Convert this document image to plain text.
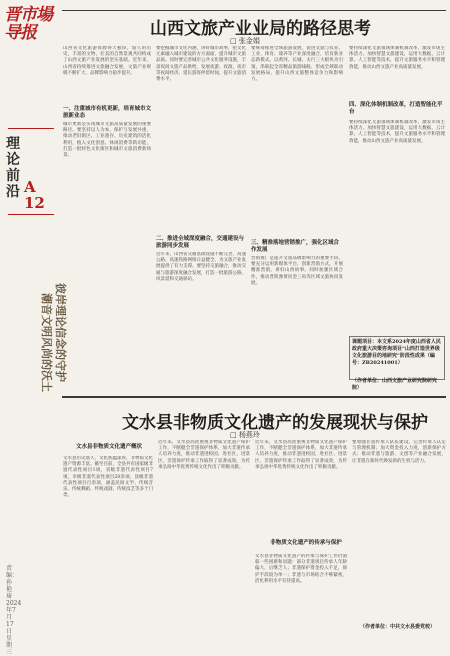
晋市場导报
理论前沿 A
12
彼岸理论信念的守护
潮音文明风尚的沃土
责编：孙艳琦 2024年7月17日 星期三
山西文旅产业业局的路径思考
□ 张金娟
山西省文化旅游资源得天独厚，悠久的历史、丰富的文物、壮美的自然景观共同构成了山西文旅产业发展的坚实基础。近年来，山西省持续推进文旅融合发展，文旅产业规模不断扩大，品牌影响力稳步提升。
一、注重城市有机更新，培育城市文旅新业态
城市更新是实现城市文旅高质量发展的重要路径。要坚持以人为本，保护与发展并重，推动老旧街区、工业遗存、历史建筑的活化利用，植入文化创意、休闲消费等新功能，打造一批特色文化街区和城市文旅消费新场景。
要挖掘城市文化内涵，讲好城市故事，把文化元素融入城市建设的方方面面，提升城市文旅品质。同时要完善城市公共文化服务设施，丰富夜间文旅产品供给，发展夜游、夜演、夜市等夜间经济，延长游客停留时间，提升文旅消费水平。
二、推进全域深度融合，交通建设与旅游同步发展
近年来，山西省交通基础设施不断完善，高速公路、高速铁路网络日益健全，为文旅产业发展提供了有力支撑。要坚持交旅融合，推动交通与旅游深度融合发展，打造一批旅游公路、风景道和交通驿站。
要统筹推进全域旅游发展，促进文旅与农业、工业、体育、康养等产业深度融合，培育新业态新模式。以黄河、长城、太行三大板块为引领，串联起全省精品旅游线路，形成全域联动发展格局，提升山西文旅整体竞争力和影响力。
三、精准落地营销推广，强化区域合作发展
营销推广是提升文旅品牌影响力的重要手段。要充分运用新媒体平台，创新营销方式，开展精准营销，讲好山西故事。同时加强区域合作，推动晋陕豫黄河金三角等区域文旅协同发展。
四、深化体制机制改革，打造智能化平台
要持续深化文旅领域体制机制改革，激发市场主体活力。加快智慧文旅建设，运用大数据、云计算、人工智能等技术，提升文旅服务水平和管理效能，推动山西文旅产业高质量发展。
要持续深化文旅领域体制机制改革，激发市场主体活力。加快智慧文旅建设，运用大数据、云计算、人工智能等技术，提升文旅服务水平和管理效能，推动山西文旅产业高质量发展。
课题项目：本文系2024年度山西省人民政府重大决策咨询项目“山西打造世界级文化旅游目的地研究”阶段性成果（编号：ZB20241001）
（作者单位：山西文旅产业研究院研究院）
文水县非物质文化遗产的发展现状与保护
□ 杨燕玲
文水县非物质文化遗产概状
文水县历史悠久，文化底蕴深厚，非物质文化遗产资源丰富。截至目前，全县共有国家级非遗代表性项目1项，省级非遗代表性项目7项，市级非遗代表性项目20余项，县级非遗代表性项目百余项，涵盖民间文学、传统音乐、传统舞蹈、传统戏剧、传统技艺等多个门类。
近年来，文水县高度重视非物质文化遗产保护工作，不断健全非遗保护体系，加大非遗传承人培养力度，推动非遗进校园、进社区、进景区，非遗保护传承工作取得了显著成效，为传承弘扬中华优秀传统文化作出了积极贡献。
近年来，文水县高度重视非物质文化遗产保护工作，不断健全非遗保护体系，加大非遗传承人培养力度，推动非遗进校园、进社区、进景区，非遗保护传承工作取得了显著成效，为传承弘扬中华优秀传统文化作出了积极贡献。
非物质文化遗产的传承与保护
文水县非物质文化遗产的传承与保护工作仍面临一些困难和问题：部分非遗项目传承人年龄偏大，后继乏人；非遗保护资金投入不足，保护手段较为单一；非遗与市场结合不够紧密，活化利用水平有待提高。
要加强非遗传承人队伍建设，完善传承人认定与管理机制；加大资金投入力度，创新保护方式；推动非遗与旅游、文创等产业融合发展，让非遗在新时代焕发新的生机与活力。
（作者单位：中共文水县委党校）
